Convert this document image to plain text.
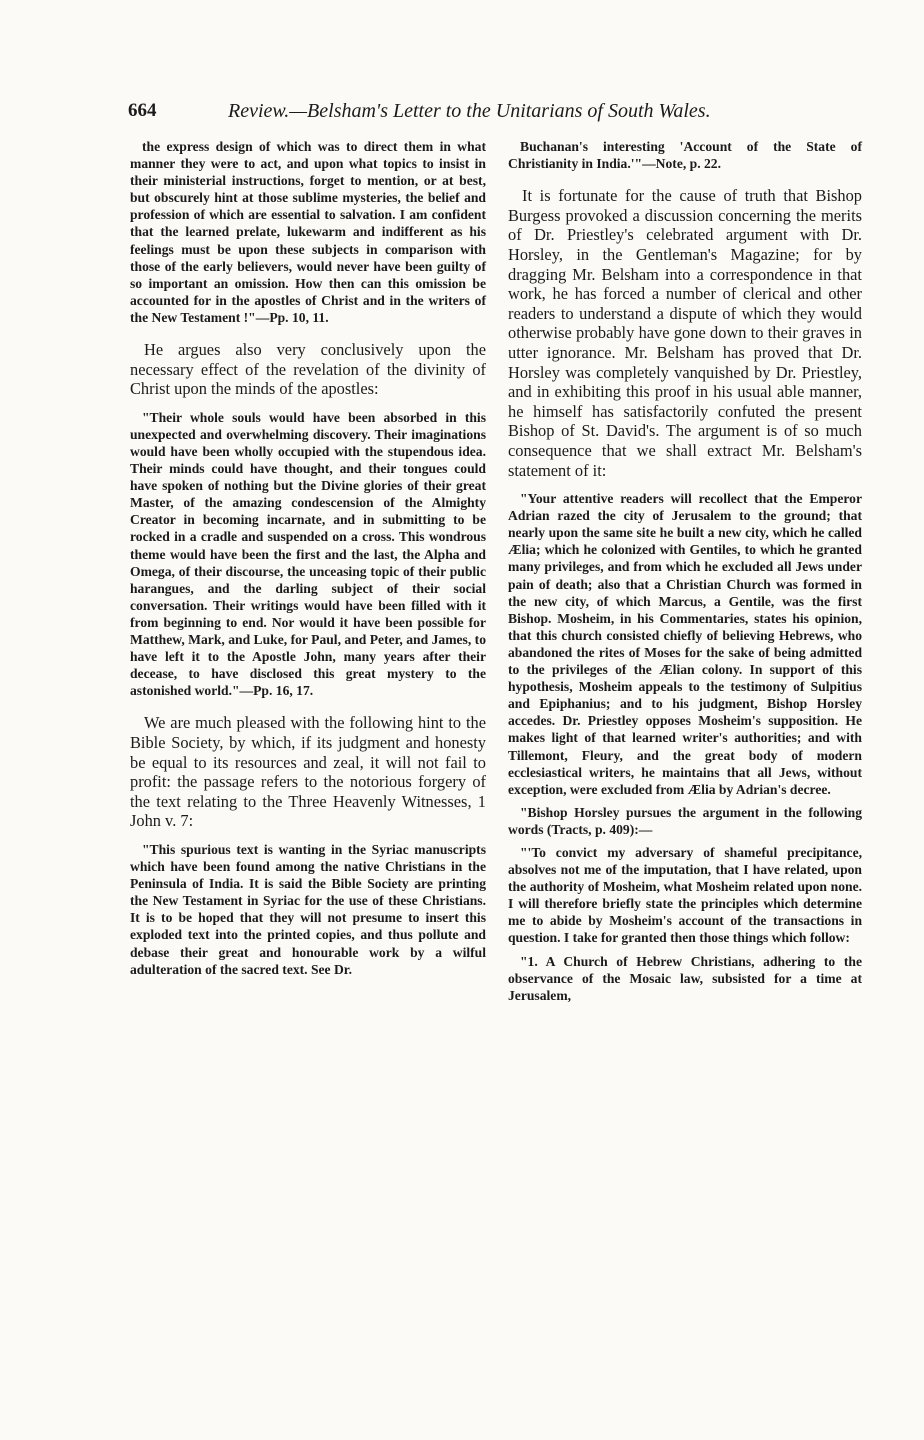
664	Review.—Belsham's Letter to the Unitarians of South Wales.

the express design of which was to direct them in what manner they were to act, and upon what topics to insist in their ministerial instructions, forget to mention, or at best, but obscurely hint at those sublime mysteries, the belief and profession of which are essential to salvation. I am confident that the learned prelate, lukewarm and indifferent as his feelings must be upon these subjects in comparison with those of the early believers, would never have been guilty of so important an omission. How then can this omission be accounted for in the apostles of Christ and in the writers of the New Testament !"—Pp. 10, 11.

He argues also very conclusively upon the necessary effect of the revelation of the divinity of Christ upon the minds of the apostles:

"Their whole souls would have been absorbed in this unexpected and overwhelming discovery. Their imaginations would have been wholly occupied with the stupendous idea. Their minds could have thought, and their tongues could have spoken of nothing but the Divine glories of their great Master, of the amazing condescension of the Almighty Creator in becoming incarnate, and in submitting to be rocked in a cradle and suspended on a cross. This wondrous theme would have been the first and the last, the Alpha and Omega, of their discourse, the unceasing topic of their public harangues, and the darling subject of their social conversation. Their writings would have been filled with it from beginning to end. Nor would it have been possible for Matthew, Mark, and Luke, for Paul, and Peter, and James, to have left it to the Apostle John, many years after their decease, to have disclosed this great mystery to the astonished world."—Pp. 16, 17.

We are much pleased with the following hint to the Bible Society, by which, if its judgment and honesty be equal to its resources and zeal, it will not fail to profit: the passage refers to the notorious forgery of the text relating to the Three Heavenly Witnesses, 1 John v. 7:

"This spurious text is wanting in the Syriac manuscripts which have been found among the native Christians in the Peninsula of India. It is said the Bible Society are printing the New Testament in Syriac for the use of these Christians. It is to be hoped that they will not presume to insert this exploded text into the printed copies, and thus pollute and debase their great and honourable work by a wilful adulteration of the sacred text. See Dr.

Buchanan's interesting 'Account of the State of Christianity in India.'"—Note, p. 22.

It is fortunate for the cause of truth that Bishop Burgess provoked a discussion concerning the merits of Dr. Priestley's celebrated argument with Dr. Horsley, in the Gentleman's Magazine; for by dragging Mr. Belsham into a correspondence in that work, he has forced a number of clerical and other readers to understand a dispute of which they would otherwise probably have gone down to their graves in utter ignorance. Mr. Belsham has proved that Dr. Horsley was completely vanquished by Dr. Priestley, and in exhibiting this proof in his usual able manner, he himself has satisfactorily confuted the present Bishop of St. David's. The argument is of so much consequence that we shall extract Mr. Belsham's statement of it:

"Your attentive readers will recollect that the Emperor Adrian razed the city of Jerusalem to the ground; that nearly upon the same site he built a new city, which he called Ælia; which he colonized with Gentiles, to which he granted many privileges, and from which he excluded all Jews under pain of death; also that a Christian Church was formed in the new city, of which Marcus, a Gentile, was the first Bishop. Mosheim, in his Commentaries, states his opinion, that this church consisted chiefly of believing Hebrews, who abandoned the rites of Moses for the sake of being admitted to the privileges of the Ælian colony. In support of this hypothesis, Mosheim appeals to the testimony of Sulpitius and Epiphanius; and to his judgment, Bishop Horsley accedes. Dr. Priestley opposes Mosheim's supposition. He makes light of that learned writer's authorities; and with Tillemont, Fleury, and the great body of modern ecclesiastical writers, he maintains that all Jews, without exception, were excluded from Ælia by Adrian's decree.

"Bishop Horsley pursues the argument in the following words (Tracts, p. 409):—

"'To convict my adversary of shameful precipitance, absolves not me of the imputation, that I have related, upon the authority of Mosheim, what Mosheim related upon none. I will therefore briefly state the principles which determine me to abide by Mosheim's account of the transactions in question. I take for granted then those things which follow:

"1. A Church of Hebrew Christians, adhering to the observance of the Mosaic law, subsisted for a time at Jerusalem,
